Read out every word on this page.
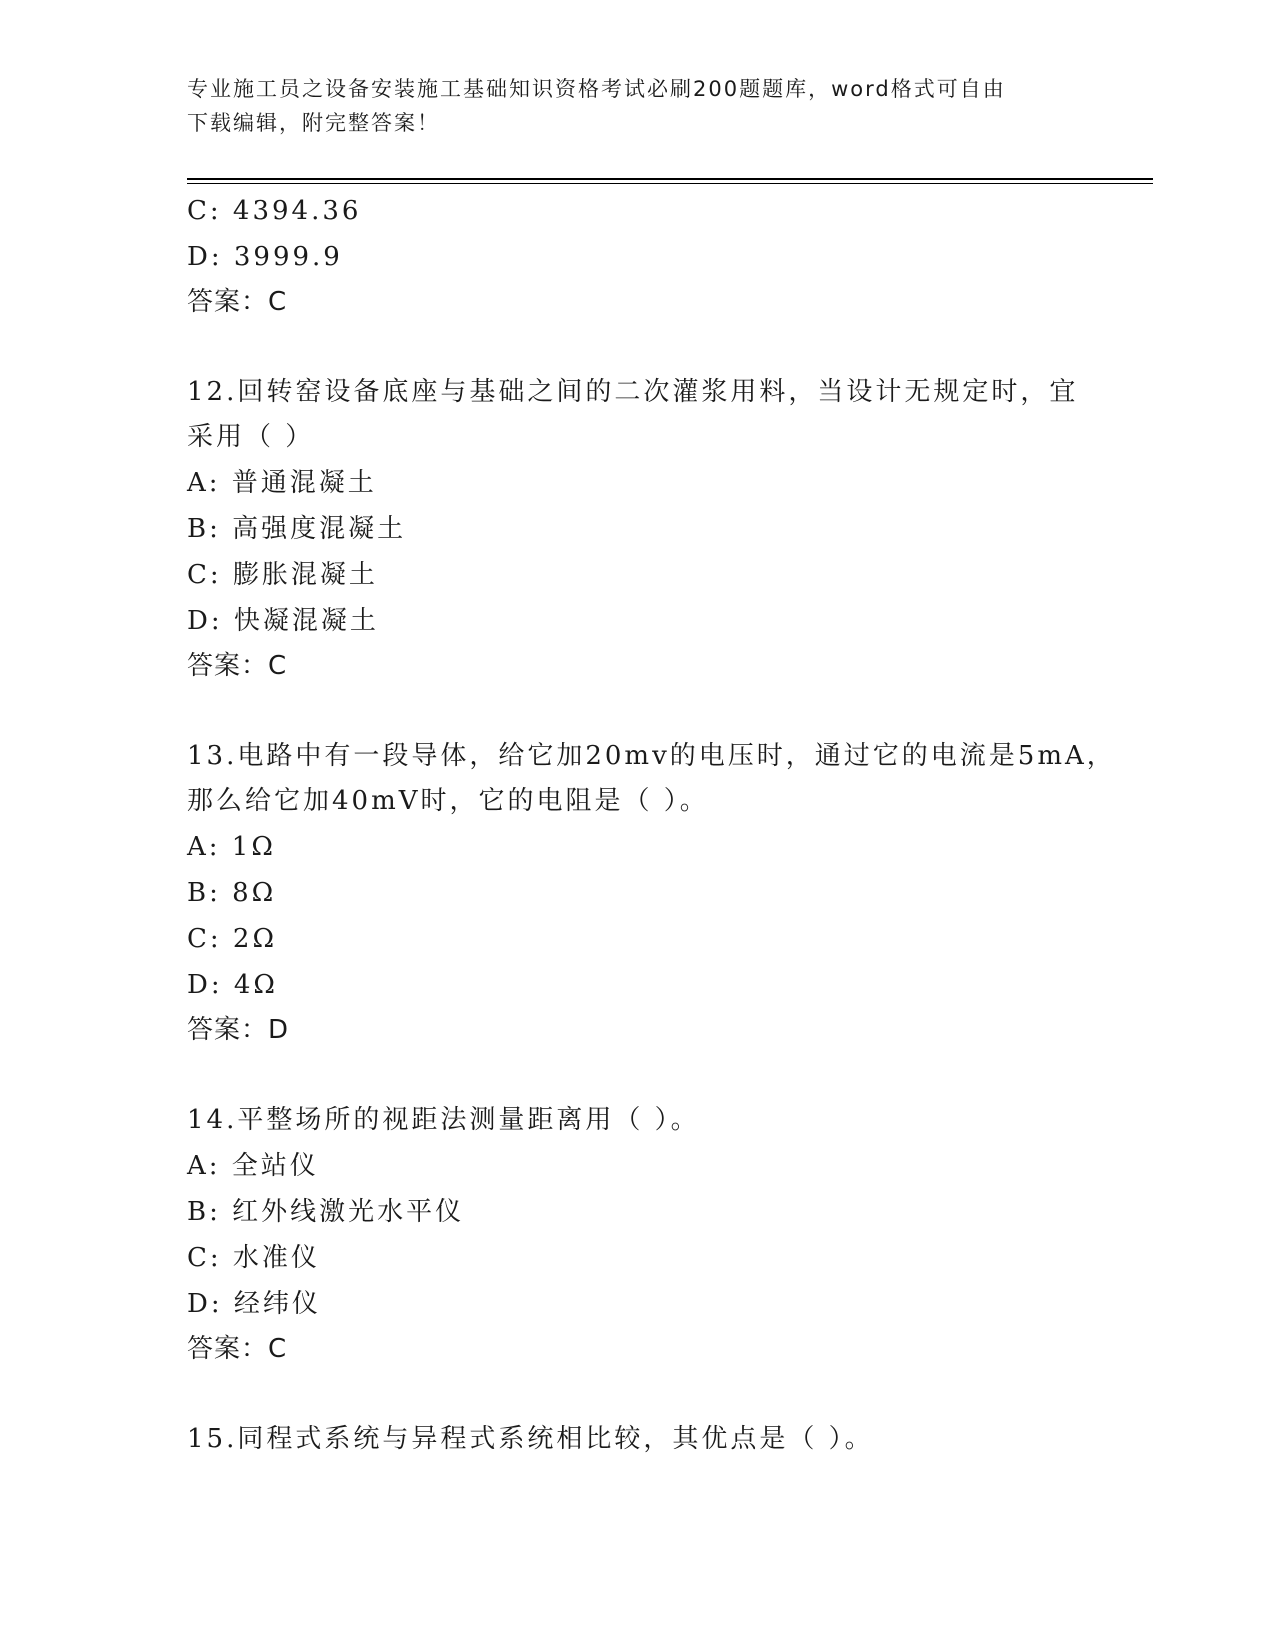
专业施工员之设备安装施工基础知识资格考试必刷200题题库，word格式可自由
下载编辑，附完整答案！
C: 4394.36
D: 3999.9
答案：C
12.回转窑设备底座与基础之间的二次灌浆用料，当设计无规定时，宜
采用（ ）
A: 普通混凝土
B: 高强度混凝土
C: 膨胀混凝土
D: 快凝混凝土
答案：C
13.电路中有一段导体，给它加20mv的电压时，通过它的电流是5mA，
那么给它加40mV时，它的电阻是（ ）。
A: 1Ω
B: 8Ω
C: 2Ω
D: 4Ω
答案：D
14.平整场所的视距法测量距离用（ ）。
A: 全站仪
B: 红外线激光水平仪
C: 水准仪
D: 经纬仪
答案：C
15.同程式系统与异程式系统相比较，其优点是（ ）。
